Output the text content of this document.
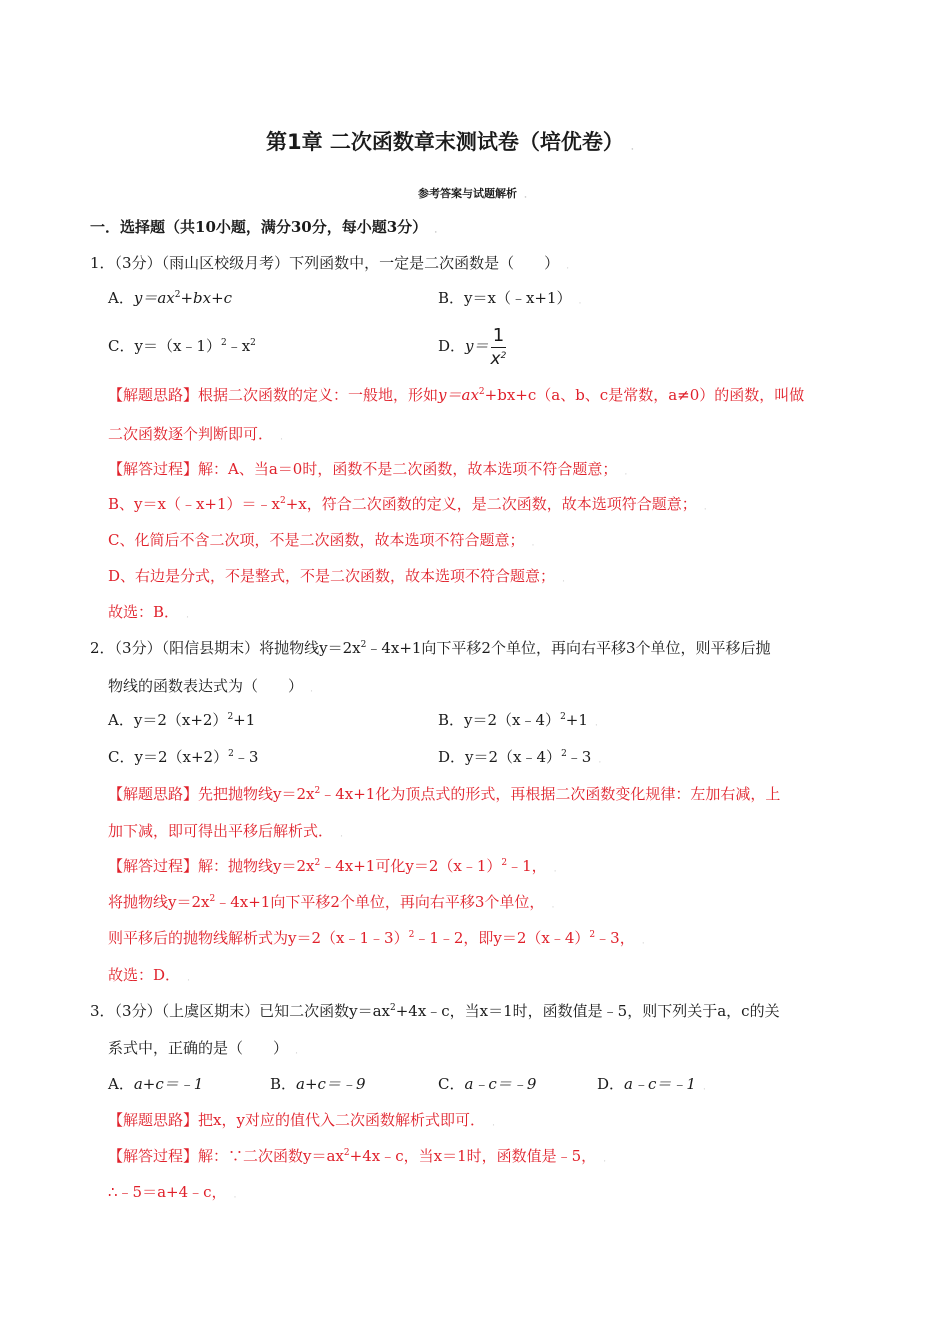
第1章 二次函数章末测试卷（培优卷） ﹒
参考答案与试题解析 ﹒
一．选择题（共10小题，满分30分，每小题3分） ﹒
1．（3分）（雨山区校级月考）下列函数中，一定是二次函数是（　　） ﹒
A．$y=ax^2+bx+c$	B．y＝x（﹣x+1） ﹒
C．$y=(x﹣1)^2﹣x^2$	D．$y= \frac{1}{x^2}$
【解题思路】根据二次函数的定义：一般地，形如$y=ax^2+bx+c(a$、b、c是常数，a≠0）的函数，叫做
二次函数逐个判断即可． ﹒
【解答过程】解：A、当a＝0时，函数不是二次函数，故本选项不符合题意； ﹒
B、$y=x(﹣x+1)=﹣x^2+x$，符合二次函数的定义，是二次函数，故本选项符合题意； ﹒
C、化简后不含二次项，不是二次函数，故本选项不符合题意； ﹒
D、右边是分式，不是整式，不是二次函数，故本选项不符合题意； ﹒
故选：B． ﹒
2．（3分）（阳信县期末）将抛物线$y=2x^2﹣4x+1$向下平移2个单位，再向右平移3个单位，则平移后抛
物线的函数表达式为（　　） ﹒
A．$y=2(x+2)^2+1$	B．y＝2（x﹣4）$^2$+1 ﹒
C．$y=2(x+2)^2﹣3$	D．y＝2（x﹣4）$^2$﹣3 ﹒
【解题思路】先把抛物线$y=2x^2﹣4x+1$化为顶点式的形式，再根据二次函数变化规律：左加右减，上
加下减，即可得出平移后解析式． ﹒
【解答过程】解：抛物线$y=2x^2﹣4x+1$可化y＝2（x﹣1）$^2$﹣1， ﹒
将抛物线$y=2x^2﹣4x+1$向下平移2个单位，再向右平移3个单位， ﹒
则平移后的抛物线解析式为y＝2（x﹣1﹣3）$^2$﹣1﹣2，即y＝2（x﹣4）$^2$﹣3， ﹒
故选：D． ﹒
3．（3分）（上虞区期末）已知二次函数$y=ax^2+4x﹣c$，当x＝1时，函数值是﹣5，则下列关于a，c的关
系式中，正确的是（　　） ﹒
A．a+c＝﹣1	B．a+c＝﹣9	C．a﹣c＝﹣9	D．a﹣c＝﹣1 ﹒
【解题思路】把x，y对应的值代入二次函数解析式即可． ﹒
【解答过程】解：∵二次函数$y=ax^2+4x﹣c$，当x＝1时，函数值是﹣5， ﹒
∴﹣5＝a+4﹣c， ﹒
